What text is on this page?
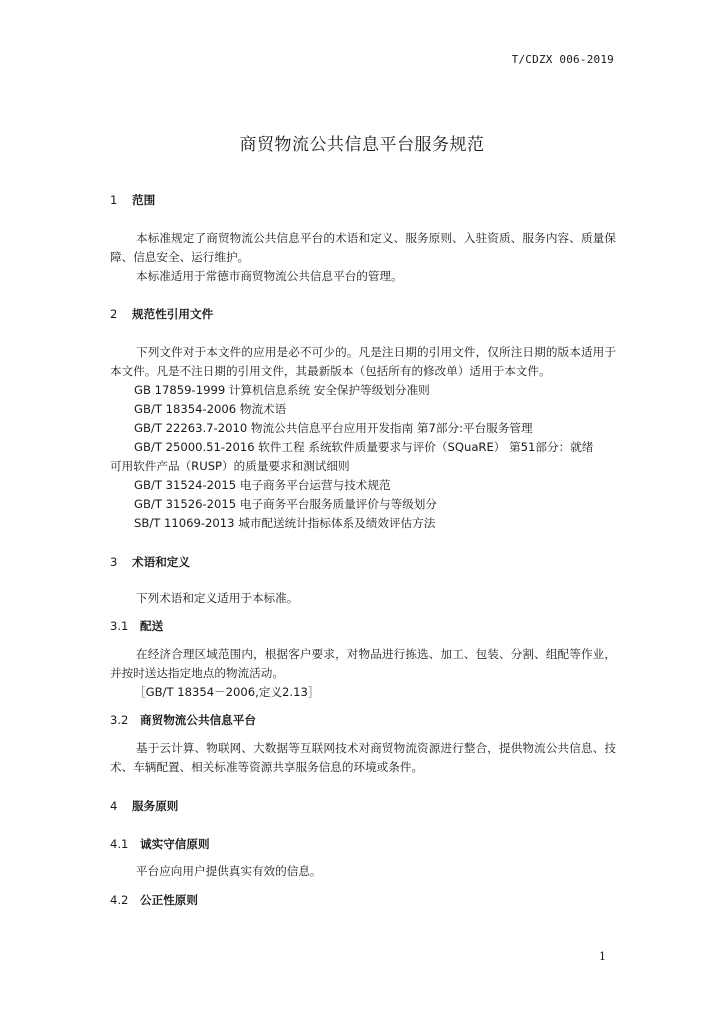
T/CDZX 006-2019
商贸物流公共信息平台服务规范
1 范围
本标准规定了商贸物流公共信息平台的术语和定义、服务原则、入驻资质、服务内容、质量保障、信息安全、运行维护。
本标准适用于常德市商贸物流公共信息平台的管理。
2 规范性引用文件
下列文件对于本文件的应用是必不可少的。凡是注日期的引用文件，仅所注日期的版本适用于本文件。凡是不注日期的引用文件，其最新版本（包括所有的修改单）适用于本文件。
GB 17859-1999 计算机信息系统 安全保护等级划分准则
GB/T 18354-2006 物流术语
GB/T 22263.7-2010 物流公共信息平台应用开发指南 第7部分:平台服务管理
GB/T 25000.51-2016 软件工程 系统软件质量要求与评价（SQuaRE） 第51部分：就绪
可用软件产品（RUSP）的质量要求和测试细则
GB/T 31524-2015 电子商务平台运营与技术规范
GB/T 31526-2015 电子商务平台服务质量评价与等级划分
SB/T 11069-2013 城市配送统计指标体系及绩效评估方法
3 术语和定义
下列术语和定义适用于本标准。
3.1 配送
在经济合理区域范围内，根据客户要求，对物品进行拣选、加工、包装、分割、组配等作业，并按时送达指定地点的物流活动。
［GB/T 18354－2006,定义2.13］
3.2 商贸物流公共信息平台
基于云计算、物联网、大数据等互联网技术对商贸物流资源进行整合，提供物流公共信息、技术、车辆配置、相关标准等资源共享服务信息的环境或条件。
4 服务原则
4.1 诚实守信原则
平台应向用户提供真实有效的信息。
4.2 公正性原则
1
